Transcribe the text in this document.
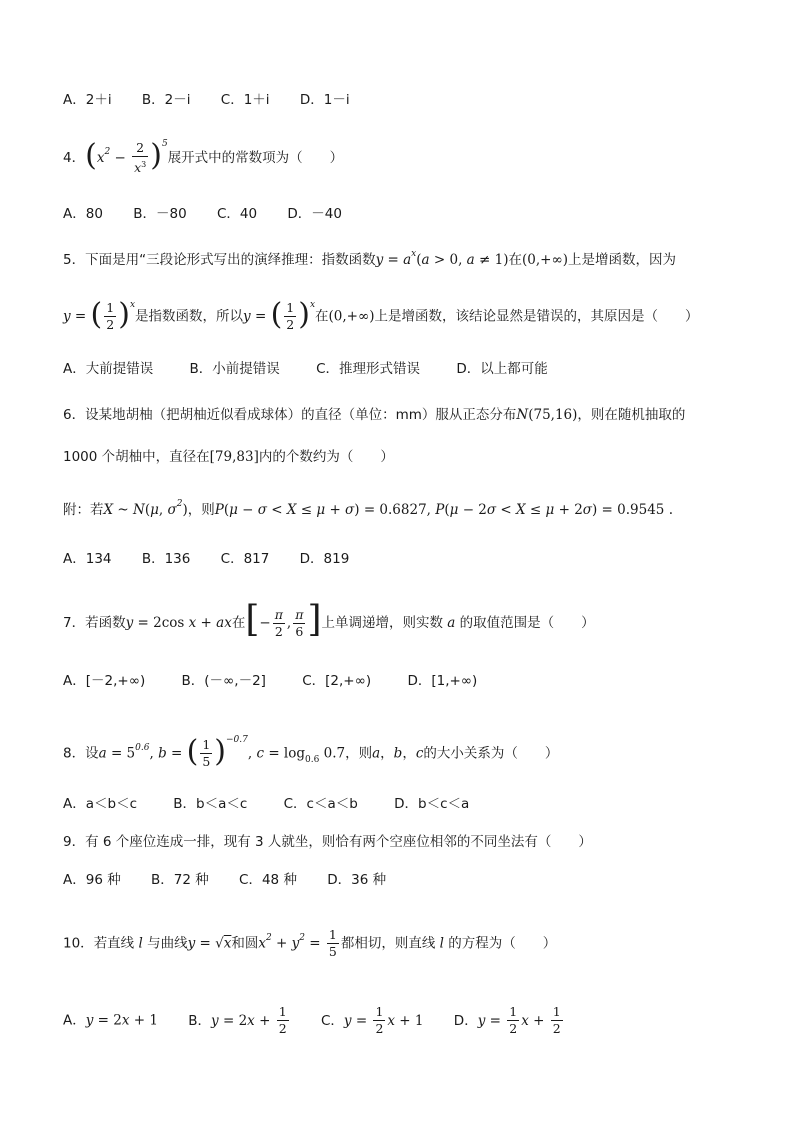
A．2＋i B．2－i C．1＋i D．1－i
4．$(x^2 - \frac{2}{x^3} )^5$展开式中的常数项为（　　）
A．80 B．－80 C．40 D．－40
5．下面是用“三段论形式写出的演绎推理：指数函数$y = a^x(a > 0$, a ≠ 1)在(0,+∞)上是增函数，因为
y = ( $\frac{1}{2} )^x$是指数函数，所以y = ( $\frac{1}{2} )^x$在(0,+∞)上是增函数，该结论显然是错误的，其原因是（　　）
A．大前提错误	B．小前提错误	C．推理形式错误	D．以上都可能
6．设某地胡柚（把胡柚近似看成球体）的直径（单位：mm）服从正态分布N(75,16)，则在随机抽取的
1000 个胡柚中，直径在[79,83]内的个数约为（　　）
附：若X ~ N(μ, $\sigma^2$)，则P(μ − σ < X ≤ μ + σ) = 0.6827, P(μ − 2σ < X ≤ μ + 2σ) = 0.9545 .
A．134 B．136 C．817 D．819
7．若函数y = 2cos x + ax在[− $\frac{\pi}{2}$ , $\frac{\pi}{6}$ ]上单调递增，则实数 a 的取值范围是（　　）
A．[－2,+∞)	B．(－∞,－2]	C．[2,+∞)	D．[1,+∞)
8．设$a = 5^{0.6}$, b = ( $\frac{1}{5} )^{-0.7}$, $c = \log_{0.6} 0.7$，则a，b，c的大小关系为（　　）
A．a＜b＜c	B．b＜a＜c	C．c＜a＜b	D．b＜c＜a
9．有 6 个座位连成一排，现有 3 人就坐，则恰有两个空座位相邻的不同坐法有（　　）
A．96 种 B．72 种 C．48 种 D．36 种
10．若直线 l 与曲线y = √x和圆$x^2 + y^2 = \frac{1}{5}$ 都相切，则直线 l 的方程为（　　）
A．y = 2x + 1 B．$y = 2x + \frac{1}{2}$ C．$y = \frac{1}{2}$ x + 1 D．$y = \frac{1}{2}$ $x + \frac{1}{2}$
